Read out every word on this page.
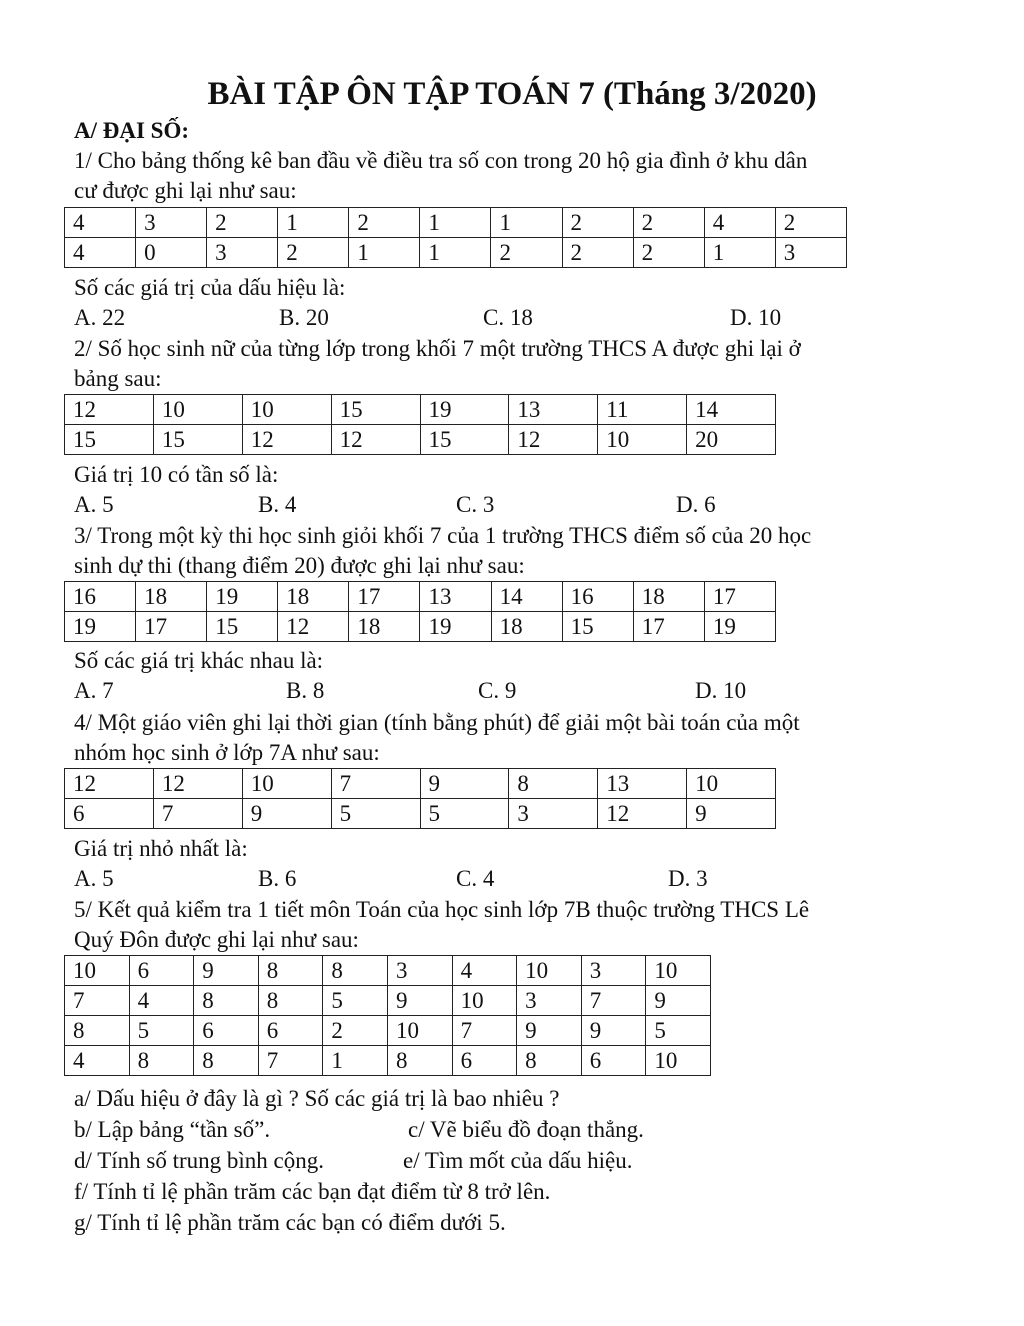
BÀI TẬP ÔN TẬP TOÁN 7 (Tháng 3/2020)
A/ ĐẠI SỐ:
1/ Cho bảng thống kê ban đầu về điều tra số con trong 20 hộ gia đình ở khu dân
cư được ghi lại như sau:
4	3	2	1	2	1	1	2	2	4	2
4	0	3	2	1	1	2	2	2	1	3
Số các giá trị của dấu hiệu là:
A. 22	B. 20	C. 18	D. 10
2/ Số học sinh nữ của từng lớp trong khối 7 một trường THCS A được ghi lại ở
bảng sau:
12	10	10	15	19	13	11	14
15	15	12	12	15	12	10	20
Giá trị 10 có tần số là:
A. 5	B. 4	C. 3	D. 6
3/ Trong một kỳ thi học sinh giỏi khối 7 của 1 trường THCS điểm số của 20 học
sinh dự thi (thang điểm 20) được ghi lại như sau:
16	18	19	18	17	13	14	16	18	17
19	17	15	12	18	19	18	15	17	19
Số các giá trị khác nhau là:
A. 7	B. 8	C. 9	D. 10
4/ Một giáo viên ghi lại thời gian (tính bằng phút) để giải một bài toán của một
nhóm học sinh ở lớp 7A như sau:
12	12	10	7	9	8	13	10
6	7	9	5	5	3	12	9
Giá trị nhỏ nhất là:
A. 5	B. 6	C. 4	D. 3
5/ Kết quả kiểm tra 1 tiết môn Toán của học sinh lớp 7B thuộc trường THCS Lê
Quý Đôn được ghi lại như sau:
10	6	9	8	8	3	4	10	3	10
7	4	8	8	5	9	10	3	7	9
8	5	6	6	2	10	7	9	9	5
4	8	8	7	1	8	6	8	6	10
a/ Dấu hiệu ở đây là gì ? Số các giá trị là bao nhiêu ?
b/ Lập bảng “tần số”.	c/ Vẽ biểu đồ đoạn thẳng.
d/ Tính số trung bình cộng.	e/ Tìm mốt của dấu hiệu.
f/ Tính tỉ lệ phần trăm các bạn đạt điểm từ 8 trở lên.
g/ Tính tỉ lệ phần trăm các bạn có điểm dưới 5.
